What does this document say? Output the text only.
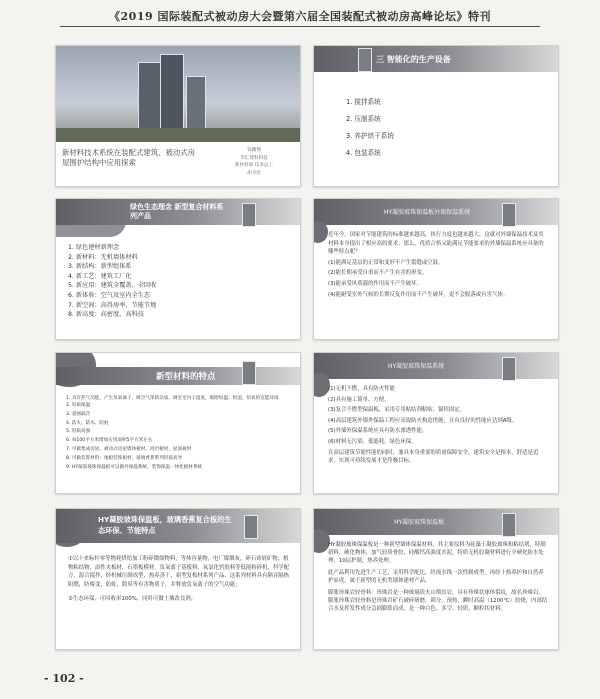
《2019 国际装配式被动房大会暨第六届全国装配式被动房高峰论坛》特刊
新材料技术系统在装配式建筑、被动式房屋围护结构中应用探索
钱鹏翔
华汇建科科技
新材料部 技术总工
胡圣民
三 智能化的生产设备
1. 搅拌系统
2. 压制系统
3. 养护烘干系统
4. 包装系统
绿色生态理念 新型复合材料系列产品
1. 绿色建材新理念
2. 新材料：无机墙体材料
3. 新结构：新型组体系
4. 新工艺：建筑工厂化
5. 新应用：建筑全覆盖、全回收
6. 新体验：空气及室内全生态
7. 新空间：高得房率、节能节地
8. 新高度：高密度、高科技
HY凝胶玻珠保温板外墙保温系统

近年今，国家对节能建筑的标准越来越高，执行力度也越来越大，这就对外墙保温技术及其材料本身提出了相应高的要求。那么，优质合格又能满足节能要求的外墙保温系统应具备的哪些特点呢？

(1)能满足基层的正常和变形不产生裂缝或空鼓。

(2)能长期承受自重而不产生有害的形变。

(3)能承受风荷载的作用而不产生破坏。

(4)能耐受室外气候的长期反复作用而不产生破坏，更不会脱落或有害气体。

新型材料的特点
1. 具有热气功能，产生负氧离子，吸空气净新杂质，调室室内干湿度，吸附恒温、恒湿，恒氧的室能环境
2. 轻质保温
3. 超强隔音
4. 防火、防水、防蛀
5. 轻质高强
6. 每100平方米增加实用面积5平方米左右
7. 可做集成房屋、被动式房屋墙体板材，高层板材，屋面板材
8. 可做装饰材料：地板装饰板材，玻璃香蕉系列轻质高导
9. HY凝胶玻珠保温板可以做外保温系统，装饰保温一体化板材系统
HY凝胶玻珠保温系统

(1)无机不燃，具有防火性能

(2)具有施工简单、方便。

(3)复合不燃型保温板，采用专用粘结剂粘贴，锚栓固定。

(4)高层建筑外墙外保温工程应采取防火构造措施，且有良好的性能应达到A级。

(5)外墙外保温系统应具有防水渗透性能。

(6)材料无污染，低能耗，绿色环保。

在高层建筑节能性能的同时，兼具本身重要的质量保障安全，建筑安全是根本，舒适是追求，实现可持续发展才是终极目标。

HY凝胶玻珠保温板，玻璃香蕉复合板的生态环保、节能特点

①以十来标杆零等物耗烘焙加工粉碎微细物料，等体容量物，电厂煤烟灰，碎石膏屑矿物，植物粘结物，添性夹板材，石墨板模材，负氧离子基板料，氧氯化钙胶料等低能粉碎机，科学配方，混合搅拌，经机械压制成型，热养蒸干，新型复板材系列产品，这系列材料具有隔音隔热阻燃，防霉变，防蛀，除臭等有害物质子，并释放负氧离子的空气功能；

②生态环保，可回收率100%，同时可做土壤改良剂；

HY凝胶玻珠保温板

HY凝胶玻珠保温板是一种新型墙体保温材料，其主要原料为硅藻土凝胶玻珠和粘结剂，特制新料，硬化物体，加气轻质骨胶，硅酸钙高强度水泥，特质无机胶凝材料进行全硬化防水处理，10层护制，热养处理。

此产品利用先进生产工艺，采用科学配比，经流水线一次性制成型，再经十热养护和自然养护而成，属于新型的无机类墙体建材产品。

膨胀珍珠岩轻骨料：珍珠岩是一种玻璃质火山喷出岩，具有珍珠状球体裂纹，故名珍珠岩，膨胀珍珠岩轻骨料是珍珠岩矿石破碎研磨，筛分，预热，瞬时高温（1200℃）焙烧，内部结合水及挥发性成分急剧膨胀而成，是一种白色、多空、轻质、颗粒状材料。

- 102 -
